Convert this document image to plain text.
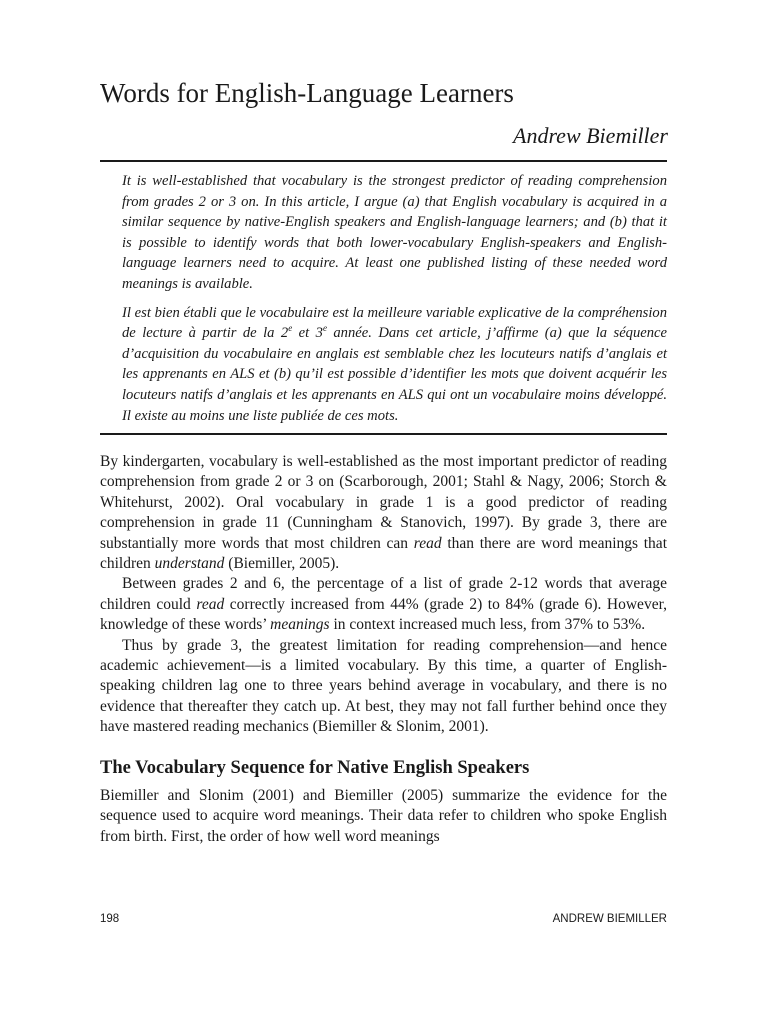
Words for English-Language Learners
Andrew Biemiller

It is well-established that vocabulary is the strongest predictor of reading comprehension from grades 2 or 3 on. In this article, I argue (a) that English vocabulary is acquired in a similar sequence by native-English speakers and English-language learners; and (b) that it is possible to identify words that both lower-vocabulary English-speakers and English-language learners need to acquire. At least one published listing of these needed word meanings is available.

Il est bien établi que le vocabulaire est la meilleure variable explicative de la compréhension de lecture à partir de la 2e et 3e année. Dans cet article, j’affirme (a) que la séquence d’acquisition du vocabulaire en anglais est semblable chez les locuteurs natifs d’anglais et les apprenants en ALS et (b) qu’il est possible d’identifier les mots que doivent acquérir les locuteurs natifs d’anglais et les apprenants en ALS qui ont un vocabulaire moins développé. Il existe au moins une liste publiée de ces mots.

By kindergarten, vocabulary is well-established as the most important predictor of reading comprehension from grade 2 or 3 on (Scarborough, 2001; Stahl & Nagy, 2006; Storch & Whitehurst, 2002). Oral vocabulary in grade 1 is a good predictor of reading comprehension in grade 11 (Cunningham & Stanovich, 1997). By grade 3, there are substantially more words that most children can read than there are word meanings that children understand (Biemiller, 2005).

Between grades 2 and 6, the percentage of a list of grade 2-12 words that average children could read correctly increased from 44% (grade 2) to 84% (grade 6). However, knowledge of these words’ meanings in context increased much less, from 37% to 53%.

Thus by grade 3, the greatest limitation for reading comprehension—and hence academic achievement—is a limited vocabulary. By this time, a quarter of English-speaking children lag one to three years behind average in vocabulary, and there is no evidence that thereafter they catch up. At best, they may not fall further behind once they have mastered reading mechanics (Biemiller & Slonim, 2001).

The Vocabulary Sequence for Native English Speakers

Biemiller and Slonim (2001) and Biemiller (2005) summarize the evidence for the sequence used to acquire word meanings. Their data refer to children who spoke English from birth. First, the order of how well word meanings

198	ANDREW BIEMILLER
